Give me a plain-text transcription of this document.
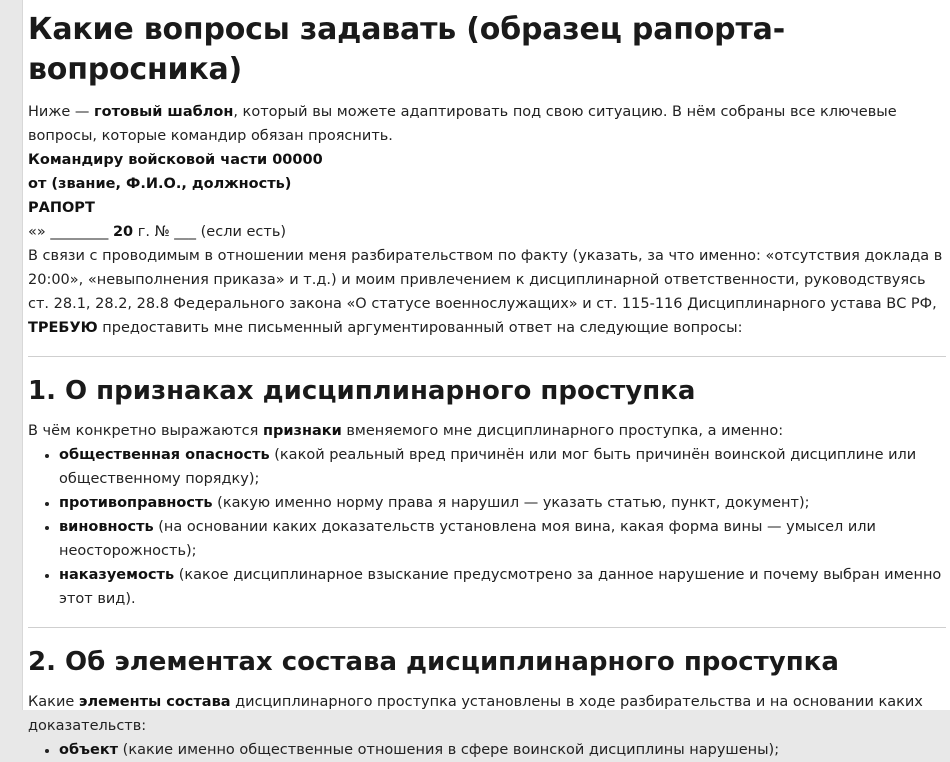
Какие вопросы задавать (образец рапорта-вопросника)

Ниже — готовый шаблон, который вы можете адаптировать под свою ситуацию. В нём собраны все ключевые вопросы, которые командир обязан прояснить.

Командиру войсковой части 00000

от (звание, Ф.И.О., должность)

РАПОРТ

«» ________ 20 г. № ___ (если есть)

В связи с проводимым в отношении меня разбирательством по факту (указать, за что именно: «отсутствия доклада в 20:00», «невыполнения приказа» и т.д.) и моим привлечением к дисциплинарной ответственности, руководствуясь ст. 28.1, 28.2, 28.8 Федерального закона «О статусе военнослужащих» и ст. 115-116 Дисциплинарного устава ВС РФ,

ТРЕБУЮ предоставить мне письменный аргументированный ответ на следующие вопросы:

1. О признаках дисциплинарного проступка

В чём конкретно выражаются признаки вменяемого мне дисциплинарного проступка, а именно:

• общественная опасность (какой реальный вред причинён или мог быть причинён воинской дисциплине или общественному порядку);
• противоправность (какую именно норму права я нарушил — указать статью, пункт, документ);
• виновность (на основании каких доказательств установлена моя вина, какая форма вины — умысел или неосторожность);
• наказуемость (какое дисциплинарное взыскание предусмотрено за данное нарушение и почему выбран именно этот вид).
2. Об элементах состава дисциплинарного проступка

Какие элементы состава дисциплинарного проступка установлены в ходе разбирательства и на основании каких доказательств:

• объект (какие именно общественные отношения в сфере воинской дисциплины нарушены);
